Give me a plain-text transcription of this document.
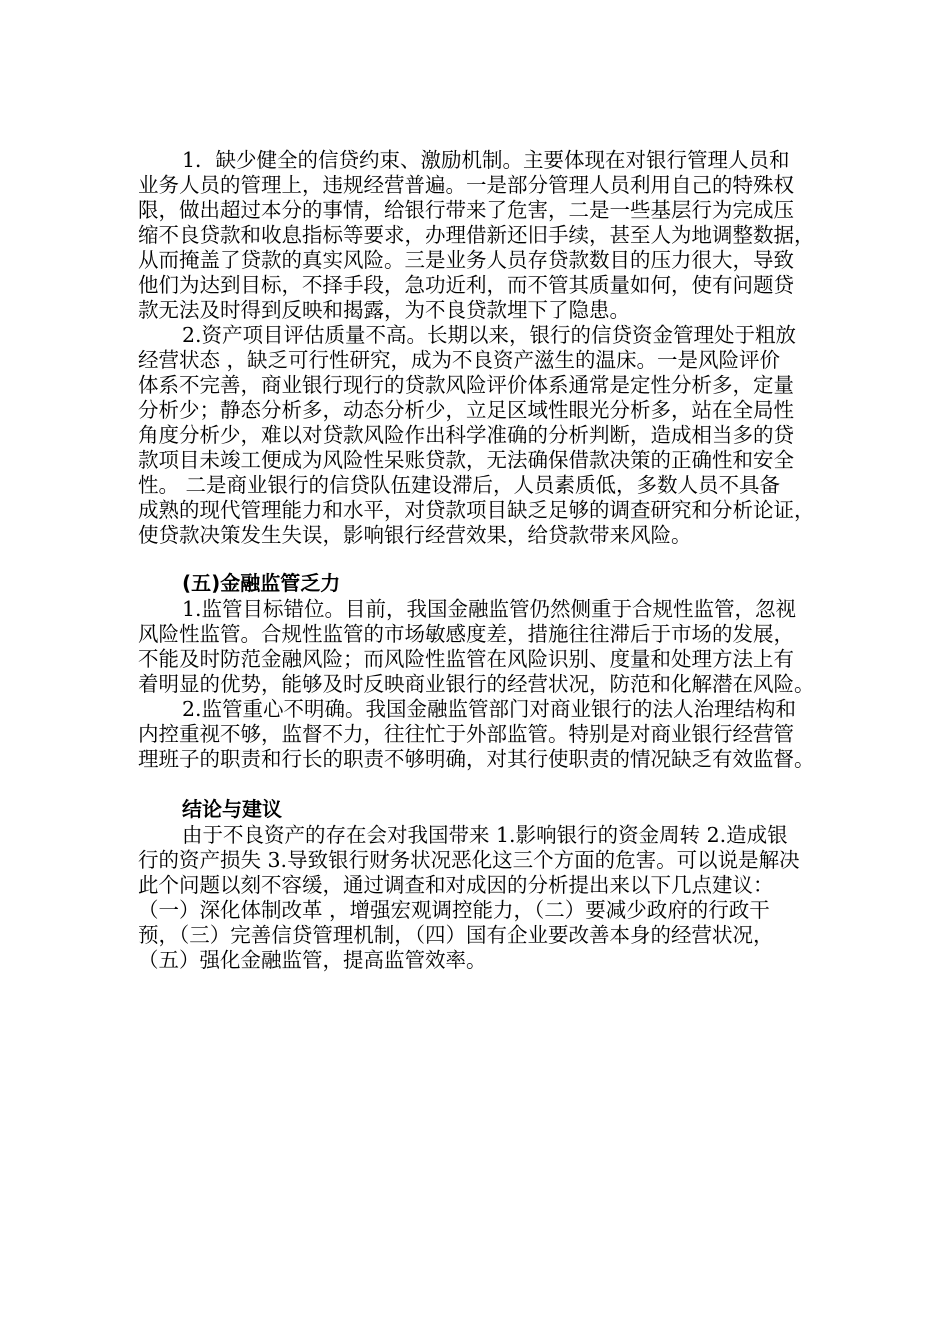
1．缺少健全的信贷约束、激励机制。主要体现在对银行管理人员和
业务人员的管理上，违规经营普遍。一是部分管理人员利用自己的特殊权
限，做出超过本分的事情，给银行带来了危害，二是一些基层行为完成压
缩不良贷款和收息指标等要求，办理借新还旧手续，甚至人为地调整数据，
从而掩盖了贷款的真实风险。三是业务人员存贷款数目的压力很大，导致
他们为达到目标，不择手段，急功近利，而不管其质量如何，使有问题贷
款无法及时得到反映和揭露，为不良贷款埋下了隐患。
2.资产项目评估质量不高。长期以来，银行的信贷资金管理处于粗放
经营状态 ，缺乏可行性研究，成为不良资产滋生的温床。一是风险评价
体系不完善，商业银行现行的贷款风险评价体系通常是定性分析多，定量
分析少；静态分析多，动态分析少，立足区域性眼光分析多，站在全局性
角度分析少，难以对贷款风险作出科学准确的分析判断，造成相当多的贷
款项目未竣工便成为风险性呆账贷款，无法确保借款决策的正确性和安全
性。 二是商业银行的信贷队伍建设滞后，人员素质低，多数人员不具备
成熟的现代管理能力和水平，对贷款项目缺乏足够的调查研究和分析论证，
使贷款决策发生失误，影响银行经营效果，给贷款带来风险。
(五)金融监管乏力
1.监管目标错位。目前，我国金融监管仍然侧重于合规性监管，忽视
风险性监管。合规性监管的市场敏感度差，措施往往滞后于市场的发展，
不能及时防范金融风险；而风险性监管在风险识别、度量和处理方法上有
着明显的优势，能够及时反映商业银行的经营状况，防范和化解潜在风险。
2.监管重心不明确。我国金融监管部门对商业银行的法人治理结构和
内控重视不够，监督不力，往往忙于外部监管。特别是对商业银行经营管
理班子的职责和行长的职责不够明确，对其行使职责的情况缺乏有效监督。
结论与建议
由于不良资产的存在会对我国带来 1.影响银行的资金周转 2.造成银
行的资产损失 3.导致银行财务状况恶化这三个方面的危害。可以说是解决
此个问题以刻不容缓，通过调查和对成因的分析提出来以下几点建议：
（一）深化体制改革 ，增强宏观调控能力，（二）要减少政府的行政干
预，（三）完善信贷管理机制，（四）国有企业要改善本身的经营状况，
（五）强化金融监管，提高监管效率。
